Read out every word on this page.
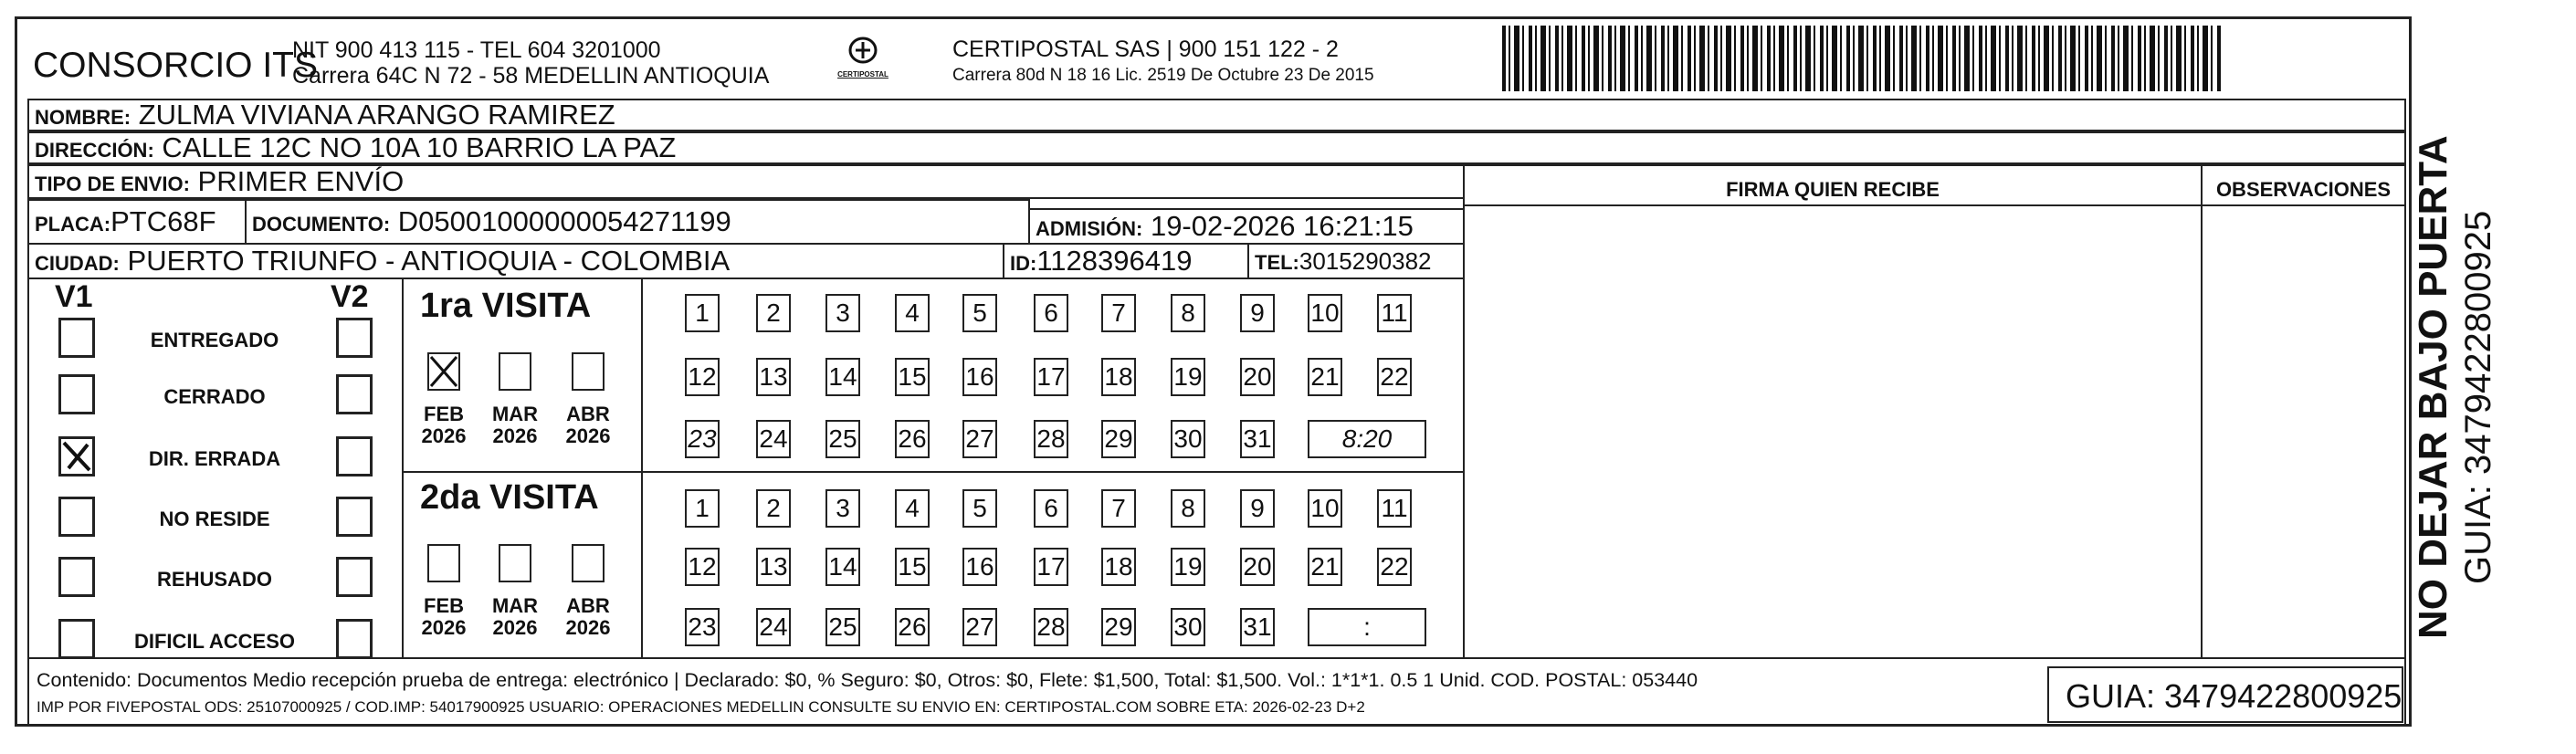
CONSORCIO ITS
NIT 900 413 115 - TEL 604 3201000
Carrera 64C N 72 - 58 MEDELLIN ANTIOQUIA	CERTIPOSTAL
CERTIPOSTAL SAS | 900 151 122 - 2
Carrera 80d N 18 16 Lic. 2519 De Octubre 23 De 2015
NOMBRE: ZULMA VIVIANA ARANGO RAMIREZ
DIRECCIÓN: CALLE 12C NO 10A 10 BARRIO LA PAZ
TIPO DE ENVIO: PRIMER ENVÍO
PLACA:PTC68F	DOCUMENTO: D05001000000054271199	ADMISIÓN: 19-02-2026 16:21:15
CIUDAD: PUERTO TRIUNFO - ANTIOQUIA - COLOMBIA	ID:1128396419	TEL:3015290382
FIRMA QUIEN RECIBE	OBSERVACIONES
V1	V2
ENTREGADO
CERRADO
DIR. ERRADA
NO RESIDE
REHUSADO
DIFICIL ACCESO
1ra VISITA
2da VISITA
FEB
2026
MAR
2026
ABR
2026
1	2	3	4	5	6	7	8	9	10 11
12 13 14 15 16 17 18 19 20 21 22
23 24 25 26 27 28 29 30 31	8:20
FEB
2026
MAR
2026
ABR
2026
1	2	3	4	5	6	7	8	9	10 11
12 13 14 15 16 17 18 19 20 21 22
23 24 25 26 27 28 29 30 31	:
Contenido: Documentos Medio recepción prueba de entrega: electrónico | Declarado: $0, % Seguro: $0, Otros: $0, Flete: $1,500, Total: $1,500. Vol.: 1*1*1. 0.5 1 Unid. COD. POSTAL: 053440
IMP POR FIVEPOSTAL ODS: 25107000925 / COD.IMP: 54017900925 USUARIO: OPERACIONES MEDELLIN CONSULTE SU ENVIO EN: CERTIPOSTAL.COM SOBRE ETA: 2026-02-23 D+2	GUIA: 3479422800925
NO DEJAR BAJO PUERTA GUIA: 3479422800925
